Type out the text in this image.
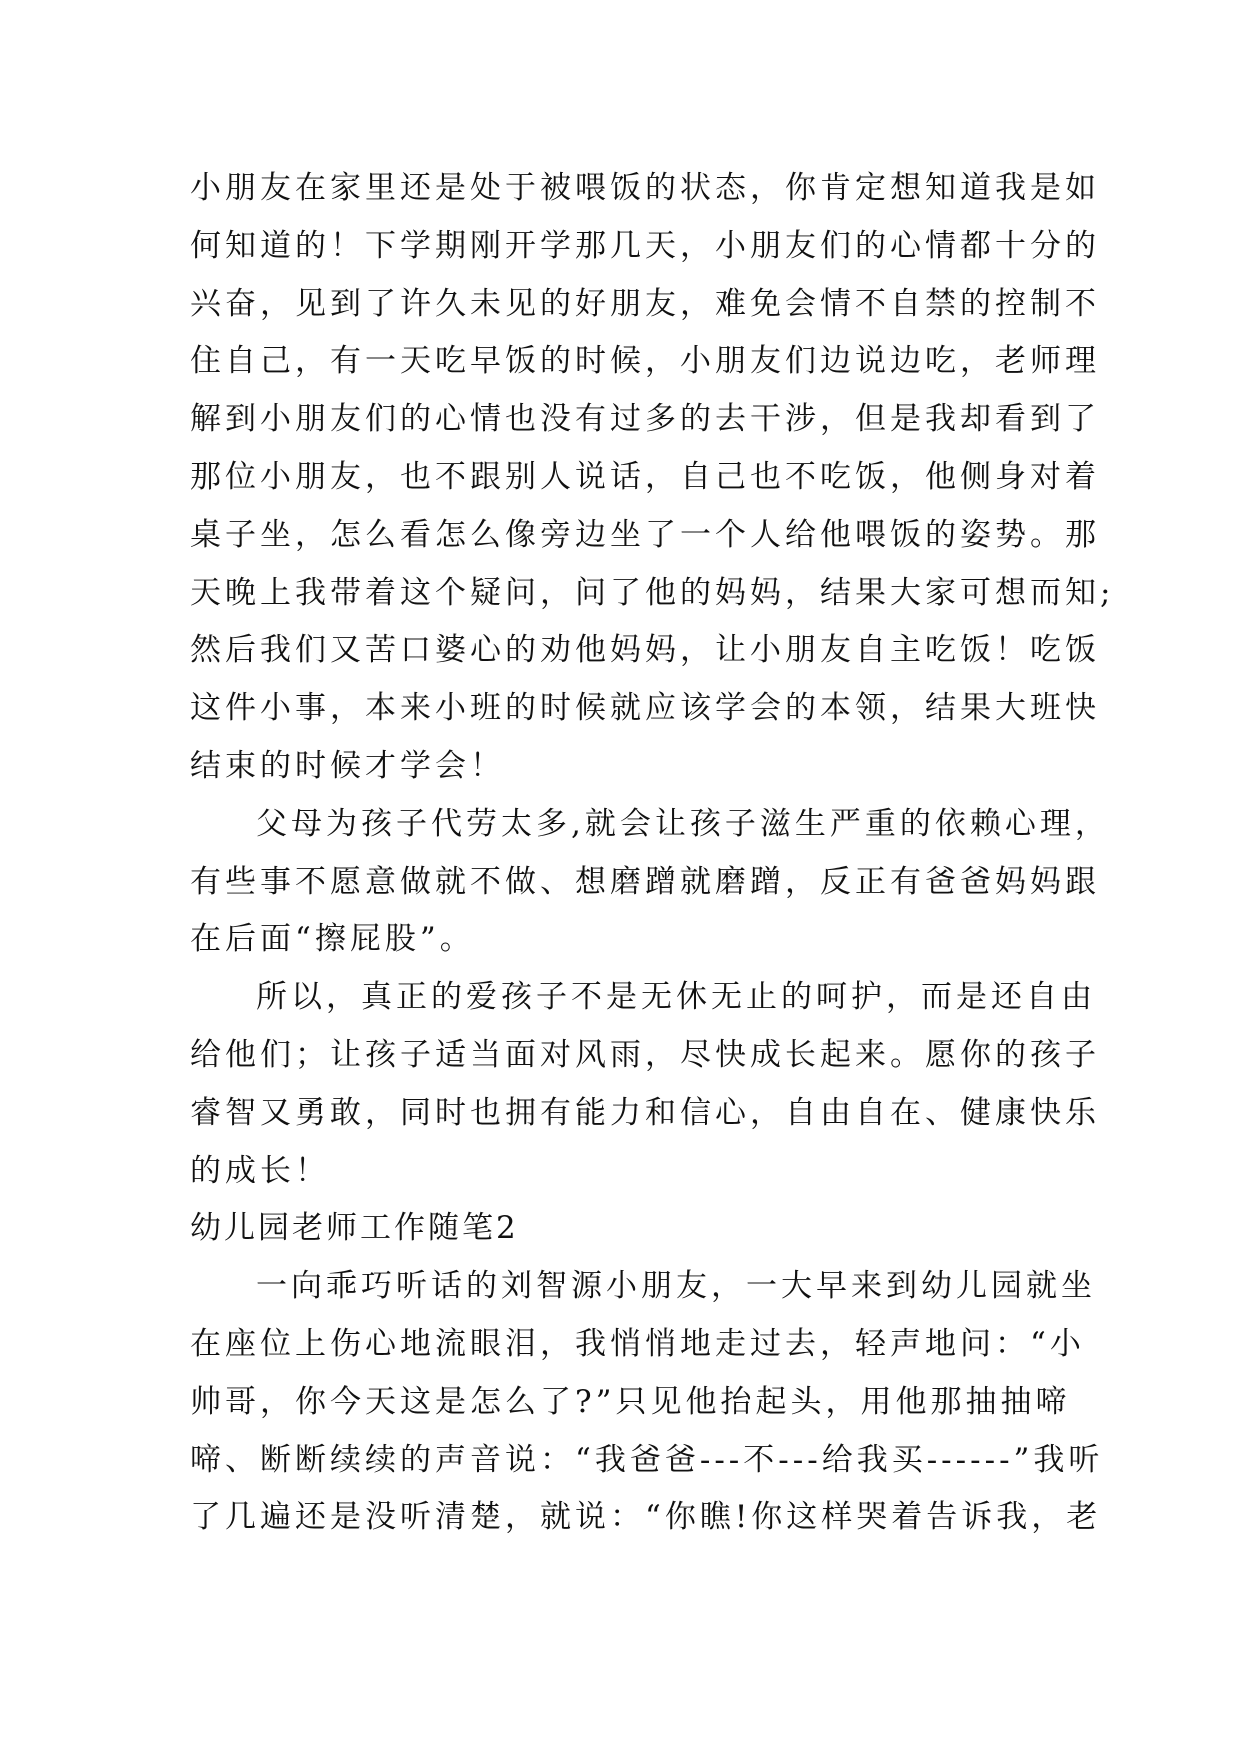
小朋友在家里还是处于被喂饭的状态，你肯定想知道我是如
何知道的！下学期刚开学那几天，小朋友们的心情都十分的
兴奋，见到了许久未见的好朋友，难免会情不自禁的控制不
住自己，有一天吃早饭的时候，小朋友们边说边吃，老师理
解到小朋友们的心情也没有过多的去干涉，但是我却看到了
那位小朋友，也不跟别人说话，自己也不吃饭，他侧身对着
桌子坐，怎么看怎么像旁边坐了一个人给他喂饭的姿势。那
天晚上我带着这个疑问，问了他的妈妈，结果大家可想而知;
然后我们又苦口婆心的劝他妈妈，让小朋友自主吃饭！吃饭
这件小事，本来小班的时候就应该学会的本领，结果大班快
结束的时候才学会！
父母为孩子代劳太多,就会让孩子滋生严重的依赖心理，
有些事不愿意做就不做、想磨蹭就磨蹭，反正有爸爸妈妈跟
在后面“擦屁股”。
所以，真正的爱孩子不是无休无止的呵护，而是还自由
给他们；让孩子适当面对风雨，尽快成长起来。愿你的孩子
睿智又勇敢，同时也拥有能力和信心，自由自在、健康快乐
的成长！
幼儿园老师工作随笔2
一向乖巧听话的刘智源小朋友，一大早来到幼儿园就坐
在座位上伤心地流眼泪，我悄悄地走过去，轻声地问：“小
帅哥，你今天这是怎么了?”只见他抬起头，用他那抽抽啼
啼、断断续续的声音说：“我爸爸---不---给我买------”我听
了几遍还是没听清楚，就说：“你瞧!你这样哭着告诉我，老
